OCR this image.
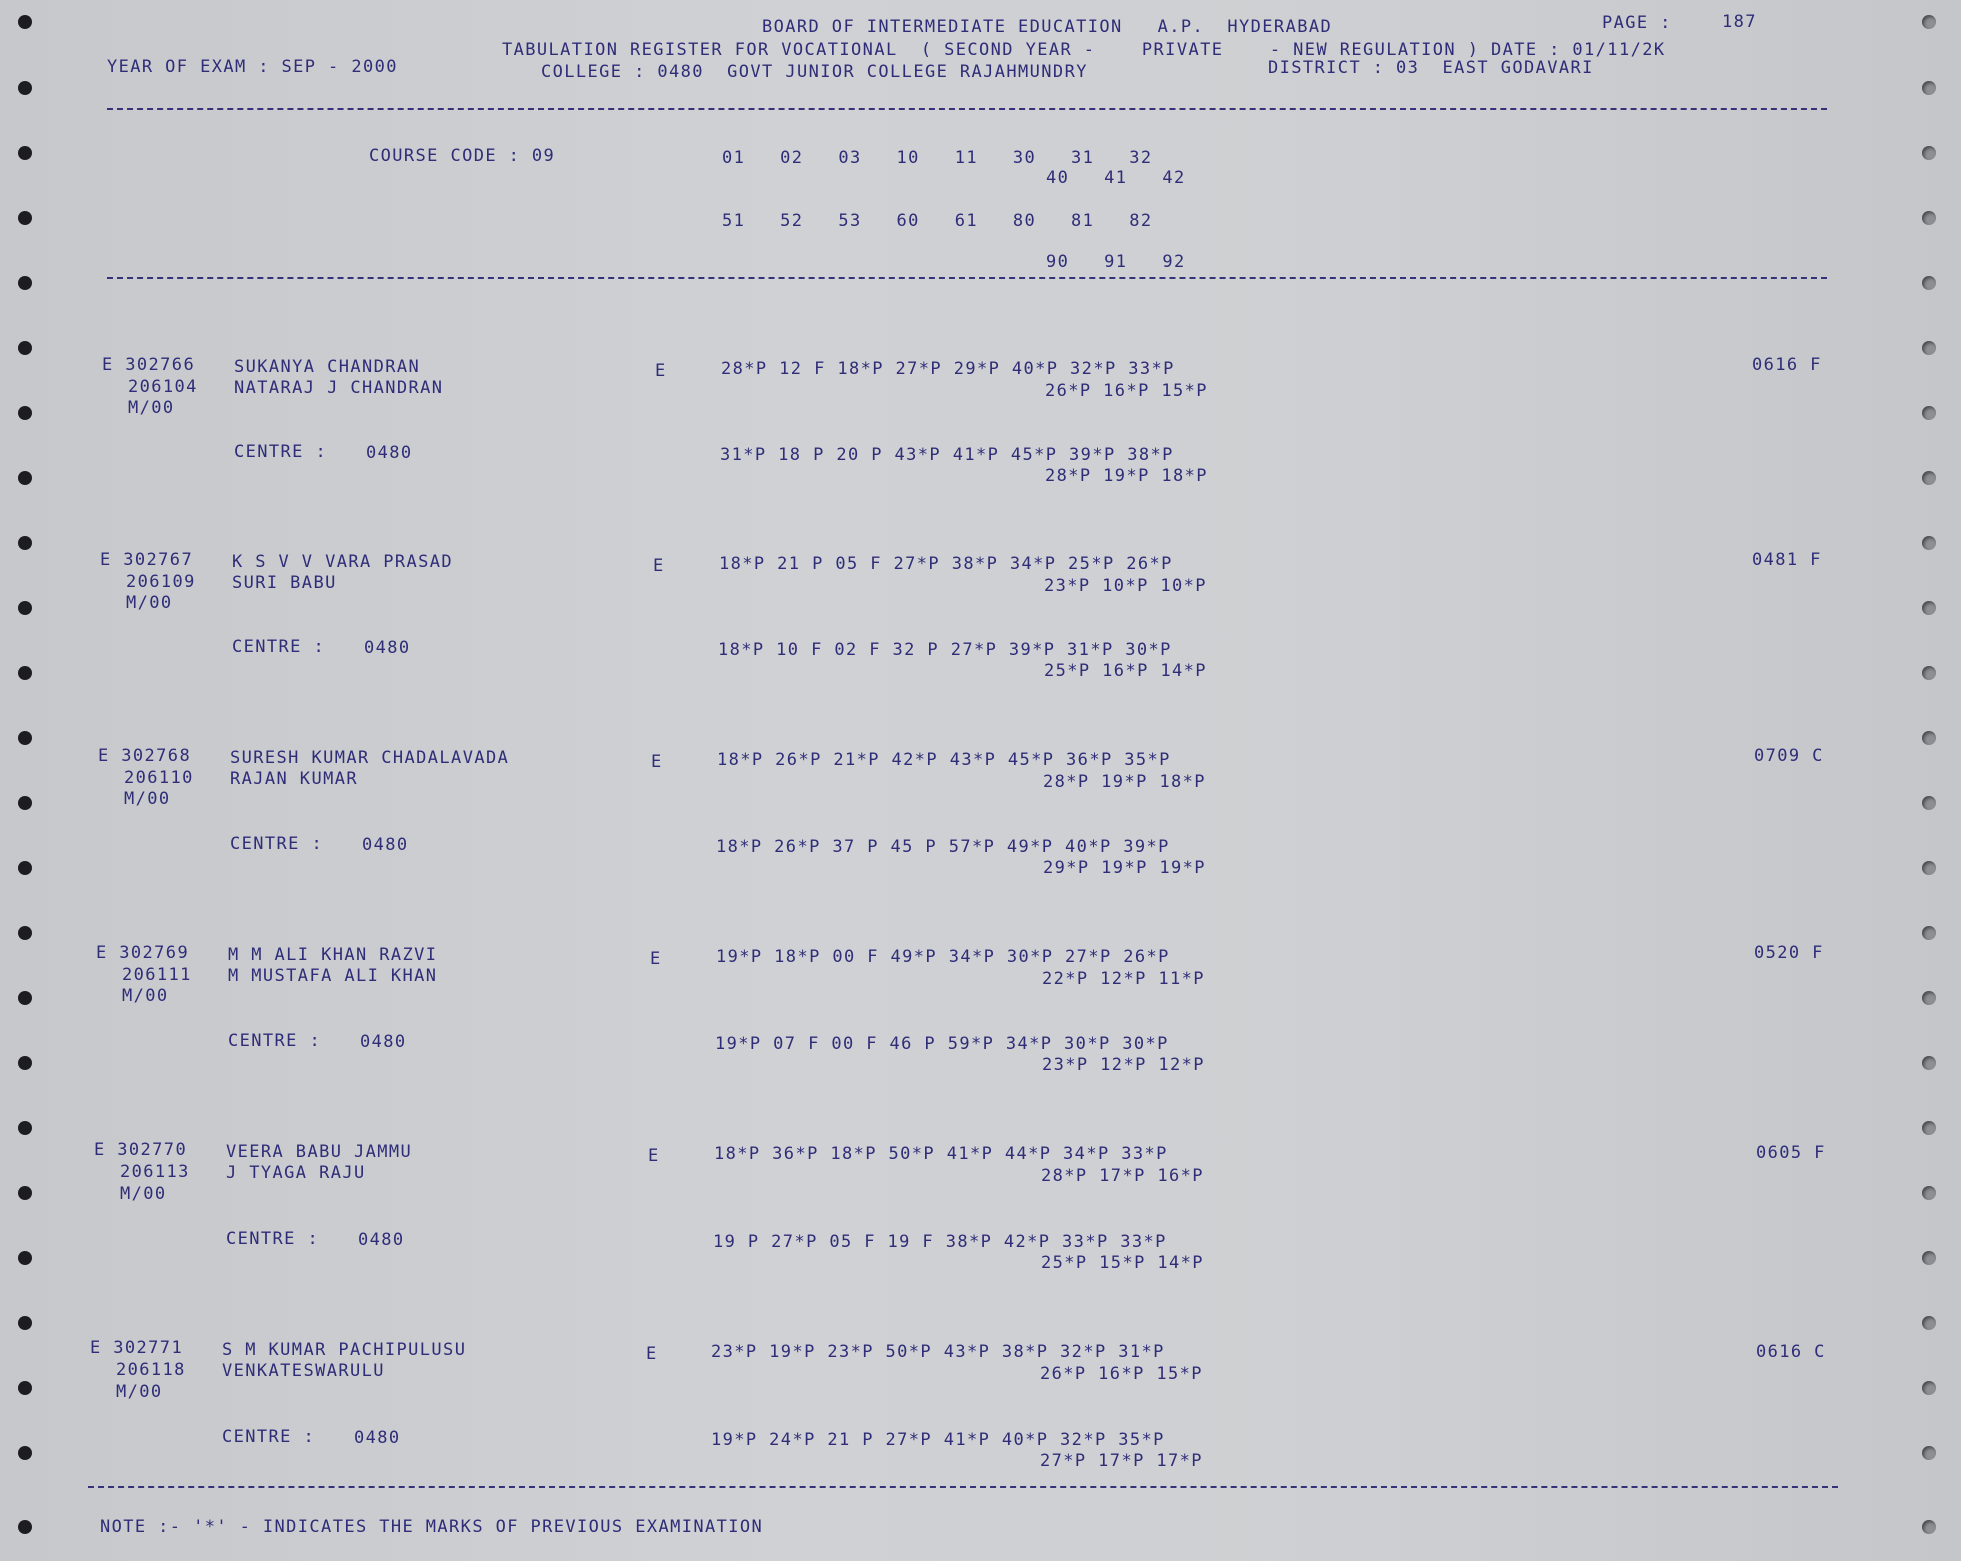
BOARD OF INTERMEDIATE EDUCATION   A.P.  HYDERABAD	PAGE :	187
TABULATION REGISTER FOR VOCATIONAL  ( SECOND YEAR -    PRIVATE    - NEW REGULATION ) DATE : 01/11/2K
YEAR OF EXAM : SEP - 2000	COLLEGE : 0480  GOVT JUNIOR COLLEGE RAJAHMUNDRY	DISTRICT : 03  EAST GODAVARI
COURSE CODE : 09	01   02   03   10   11   30   31   32
40   41   42
51   52   53   60   61   80   81   82
90   91   92
E 302766
206104
M/00
SUKANYA CHANDRAN
NATARAJ J CHANDRAN
E	28*P 12 F 18*P 27*P 29*P 40*P 32*P 33*P
26*P 16*P 15*P
CENTRE : 0480	31*P 18 P 20 P 43*P 41*P 45*P 39*P 38*P
28*P 19*P 18*P
0616 F
E 302767
206109
M/00
K S V V VARA PRASAD
SURI BABU
E	18*P 21 P 05 F 27*P 38*P 34*P 25*P 26*P
23*P 10*P 10*P
CENTRE : 0480	18*P 10 F 02 F 32 P 27*P 39*P 31*P 30*P
25*P 16*P 14*P
0481 F
E 302768
206110
M/00
SURESH KUMAR CHADALAVADA
RAJAN KUMAR
E	18*P 26*P 21*P 42*P 43*P 45*P 36*P 35*P
28*P 19*P 18*P
CENTRE : 0480	18*P 26*P 37 P 45 P 57*P 49*P 40*P 39*P
29*P 19*P 19*P
0709 C
E 302769
206111
M/00
M M ALI KHAN RAZVI
M MUSTAFA ALI KHAN
E	19*P 18*P 00 F 49*P 34*P 30*P 27*P 26*P
22*P 12*P 11*P
CENTRE : 0480	19*P 07 F 00 F 46 P 59*P 34*P 30*P 30*P
23*P 12*P 12*P
0520 F
E 302770
206113
M/00
VEERA BABU JAMMU
J TYAGA RAJU
E	18*P 36*P 18*P 50*P 41*P 44*P 34*P 33*P
28*P 17*P 16*P
CENTRE : 0480	19 P 27*P 05 F 19 F 38*P 42*P 33*P 33*P
25*P 15*P 14*P
0605 F
E 302771
206118
M/00
S M KUMAR PACHIPULUSU
VENKATESWARULU
E	23*P 19*P 23*P 50*P 43*P 38*P 32*P 31*P
26*P 16*P 15*P
CENTRE : 0480	19*P 24*P 21 P 27*P 41*P 40*P 32*P 35*P
27*P 17*P 17*P
0616 C
NOTE :- '*' - INDICATES THE MARKS OF PREVIOUS EXAMINATION
